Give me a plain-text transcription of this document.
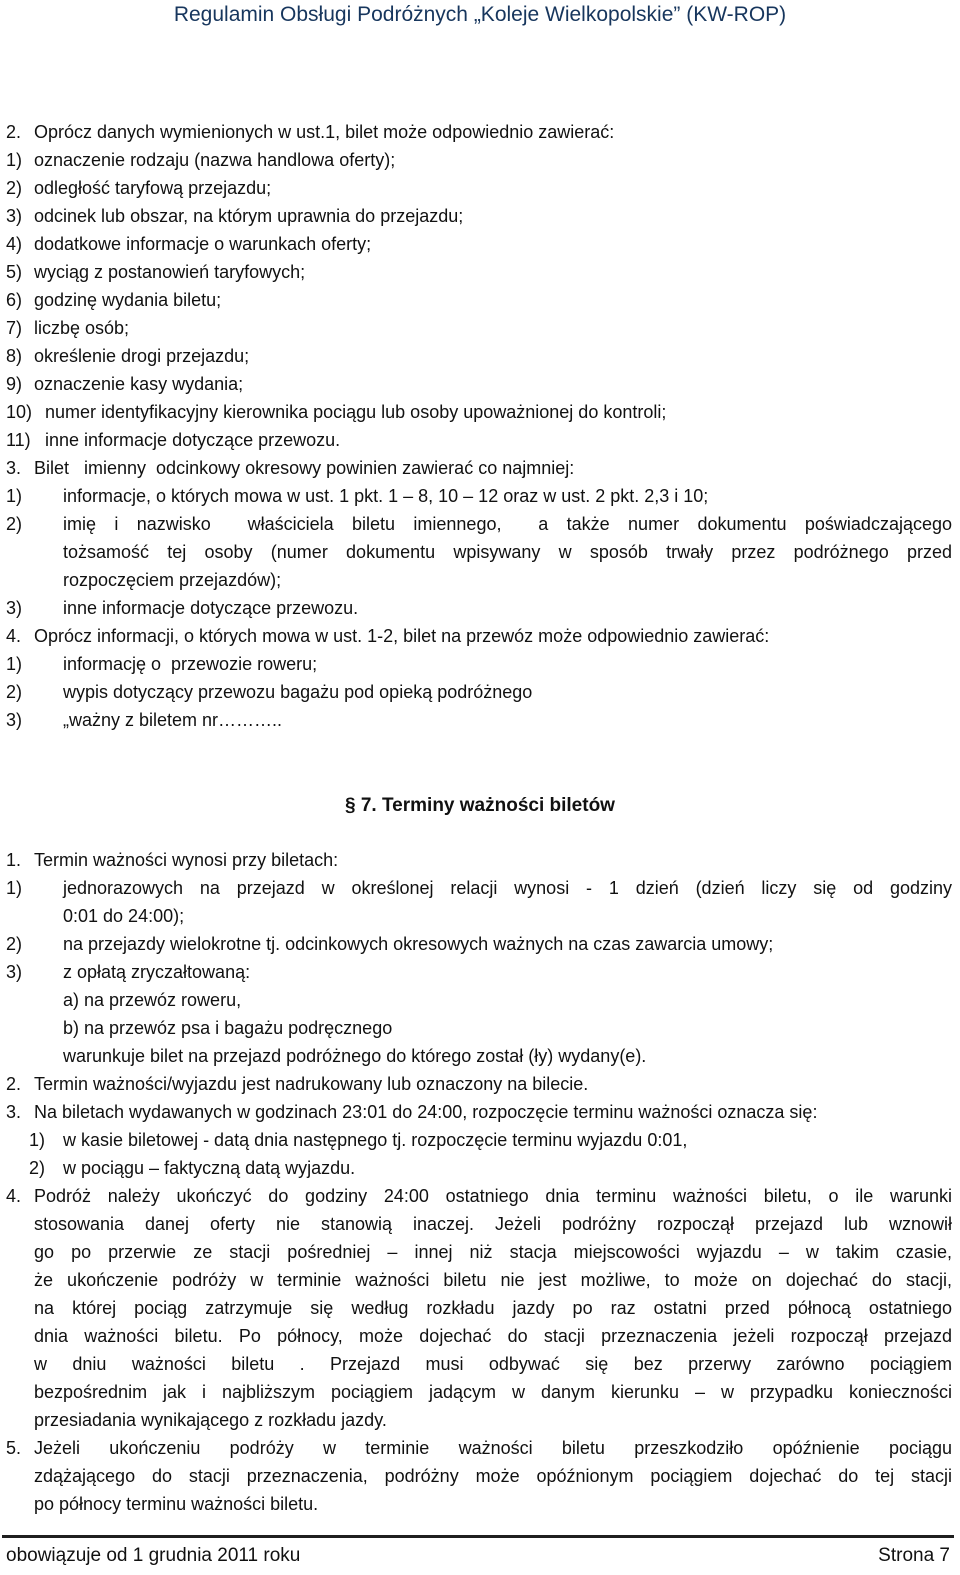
Regulamin Obsługi Podróżnych „Koleje Wielkopolskie” (KW-ROP)
2. Oprócz danych wymienionych w ust.1, bilet może odpowiednio zawierać:
1) oznaczenie rodzaju (nazwa handlowa oferty);
2) odległość taryfową przejazdu;
3) odcinek lub obszar, na którym uprawnia do przejazdu;
4) dodatkowe informacje o warunkach oferty;
5) wyciąg z postanowień taryfowych;
6) godzinę wydania biletu;
7) liczbę osób;
8) określenie drogi przejazdu;
9) oznaczenie kasy wydania;
10) numer identyfikacyjny kierownika pociągu lub osoby upoważnionej do kontroli;
11) inne informacje dotyczące przewozu.
3. Bilet   imienny  odcinkowy okresowy powinien zawierać co najmniej:
1) informacje, o których mowa w ust. 1 pkt. 1 – 8, 10 – 12 oraz w ust. 2 pkt. 2,3 i 10;
2) imię i nazwisko  właściciela biletu imiennego,  a także numer dokumentu poświadczającego
tożsamość tej osoby (numer dokumentu wpisywany w sposób trwały przez podróżnego przed
rozpoczęciem przejazdów);
3) inne informacje dotyczące przewozu.
4. Oprócz informacji, o których mowa w ust. 1-2, bilet na przewóz może odpowiednio zawierać:
1) informację o  przewozie roweru;
2) wypis dotyczący przewozu bagażu pod opieką podróżnego
3) „ważny z biletem nr………..
§ 7. Terminy ważności biletów
1. Termin ważności wynosi przy biletach:
1) jednorazowych na przejazd w określonej relacji wynosi - 1 dzień (dzień liczy się od godziny
0:01 do 24:00);
2) na przejazdy wielokrotne tj. odcinkowych okresowych ważnych na czas zawarcia umowy;
3) z opłatą zryczałtowaną:
a) na przewóz roweru,
b) na przewóz psa i bagażu podręcznego
warunkuje bilet na przejazd podróżnego do którego został (ły) wydany(e).
2. Termin ważności/wyjazdu jest nadrukowany lub oznaczony na bilecie.
3. Na biletach wydawanych w godzinach 23:01 do 24:00, rozpoczęcie terminu ważności oznacza się:
1) w kasie biletowej - datą dnia następnego tj. rozpoczęcie terminu wyjazdu 0:01,
2) w pociągu – faktyczną datą wyjazdu.
4. Podróż należy ukończyć do godziny 24:00 ostatniego dnia terminu ważności biletu, o ile warunki
stosowania danej oferty nie stanowią inaczej. Jeżeli podróżny rozpoczął przejazd lub wznowił
go po przerwie ze stacji pośredniej – innej niż stacja miejscowości wyjazdu – w takim czasie,
że ukończenie podróży w terminie ważności biletu nie jest możliwe, to może on dojechać do stacji,
na której pociąg zatrzymuje się według rozkładu jazdy po raz ostatni przed północą ostatniego
dnia ważności biletu. Po północy, może dojechać do stacji przeznaczenia jeżeli rozpoczął przejazd
w dniu ważności biletu . Przejazd musi odbywać się bez przerwy zarówno pociągiem
bezpośrednim jak i najbliższym pociągiem jadącym w danym kierunku – w przypadku konieczności
przesiadania wynikającego z rozkładu jazdy.
5. Jeżeli ukończeniu podróży w terminie ważności biletu przeszkodziło opóźnienie pociągu
zdążającego do stacji przeznaczenia, podróżny może opóźnionym pociągiem dojechać do tej stacji
po północy terminu ważności biletu.
obowiązuje od 1 grudnia 2011 roku	Strona 7
